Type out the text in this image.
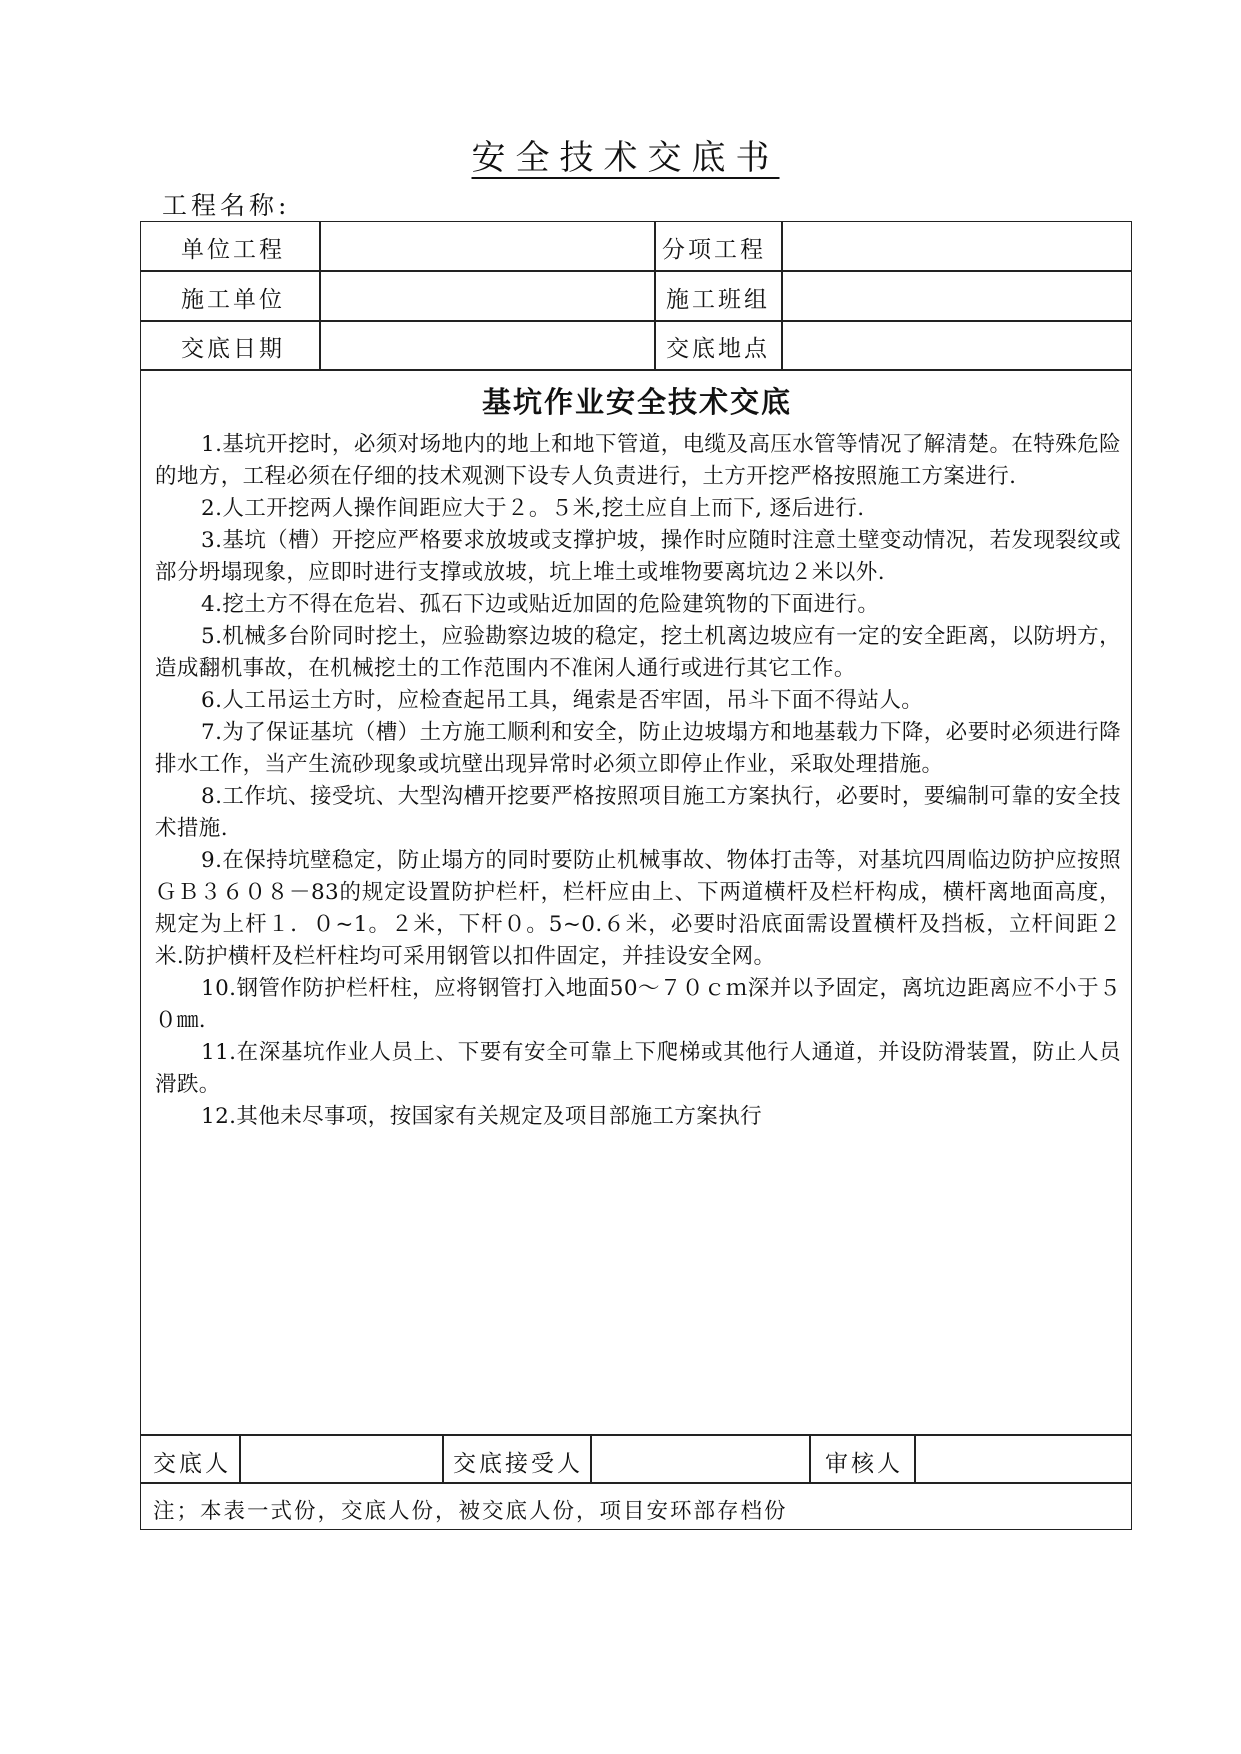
安全技术交底书
工程名称:
单位工程	分项工程
施工单位	施工班组
交底日期	交底地点
基坑作业安全技术交底

1.基坑开挖时，必须对场地内的地上和地下管道，电缆及高压水管等情况了解清楚。在特殊危险的地方，工程必须在仔细的技术观测下设专人负责进行，土方开挖严格按照施工方案进行.

2.人工开挖两人操作间距应大于２。５米,挖土应自上而下, 逐后进行.

3.基坑（槽）开挖应严格要求放坡或支撑护坡，操作时应随时注意土壁变动情况，若发现裂纹或部分坍塌现象，应即时进行支撑或放坡，坑上堆土或堆物要离坑边２米以外.

4.挖土方不得在危岩、孤石下边或贴近加固的危险建筑物的下面进行。

5.机械多台阶同时挖土，应验勘察边坡的稳定，挖土机离边坡应有一定的安全距离，以防坍方，造成翻机事故，在机械挖土的工作范围内不准闲人通行或进行其它工作。

6.人工吊运土方时，应检查起吊工具，绳索是否牢固，吊斗下面不得站人。

7.为了保证基坑（槽）土方施工顺利和安全，防止边坡塌方和地基载力下降，必要时必须进行降排水工作，当产生流砂现象或坑壁出现异常时必须立即停止作业，采取处理措施。

8.工作坑、接受坑、大型沟槽开挖要严格按照项目施工方案执行，必要时，要编制可靠的安全技术措施.

9.在保持坑壁稳定，防止塌方的同时要防止机械事故、物体打击等，对基坑四周临边防护应按照ＧＢ３６０８－83的规定设置防护栏杆，栏杆应由上、下两道横杆及栏杆构成，横杆离地面高度，规定为上杆１．０~1。２米，下杆０。5~0.６米，必要时沿底面需设置横杆及挡板，立杆间距２米.防护横杆及栏杆柱均可采用钢管以扣件固定，并挂设安全网。

10.钢管作防护栏杆柱，应将钢管打入地面50～７０ｃｍ深并以予固定，离坑边距离应不小于５０㎜.

11.在深基坑作业人员上、下要有安全可靠上下爬梯或其他行人通道，并设防滑装置，防止人员滑跌。

12.其他未尽事项，按国家有关规定及项目部施工方案执行

交底人	交底接受人	审核人
注；本表一式份，交底人份，被交底人份，项目安环部存档份
